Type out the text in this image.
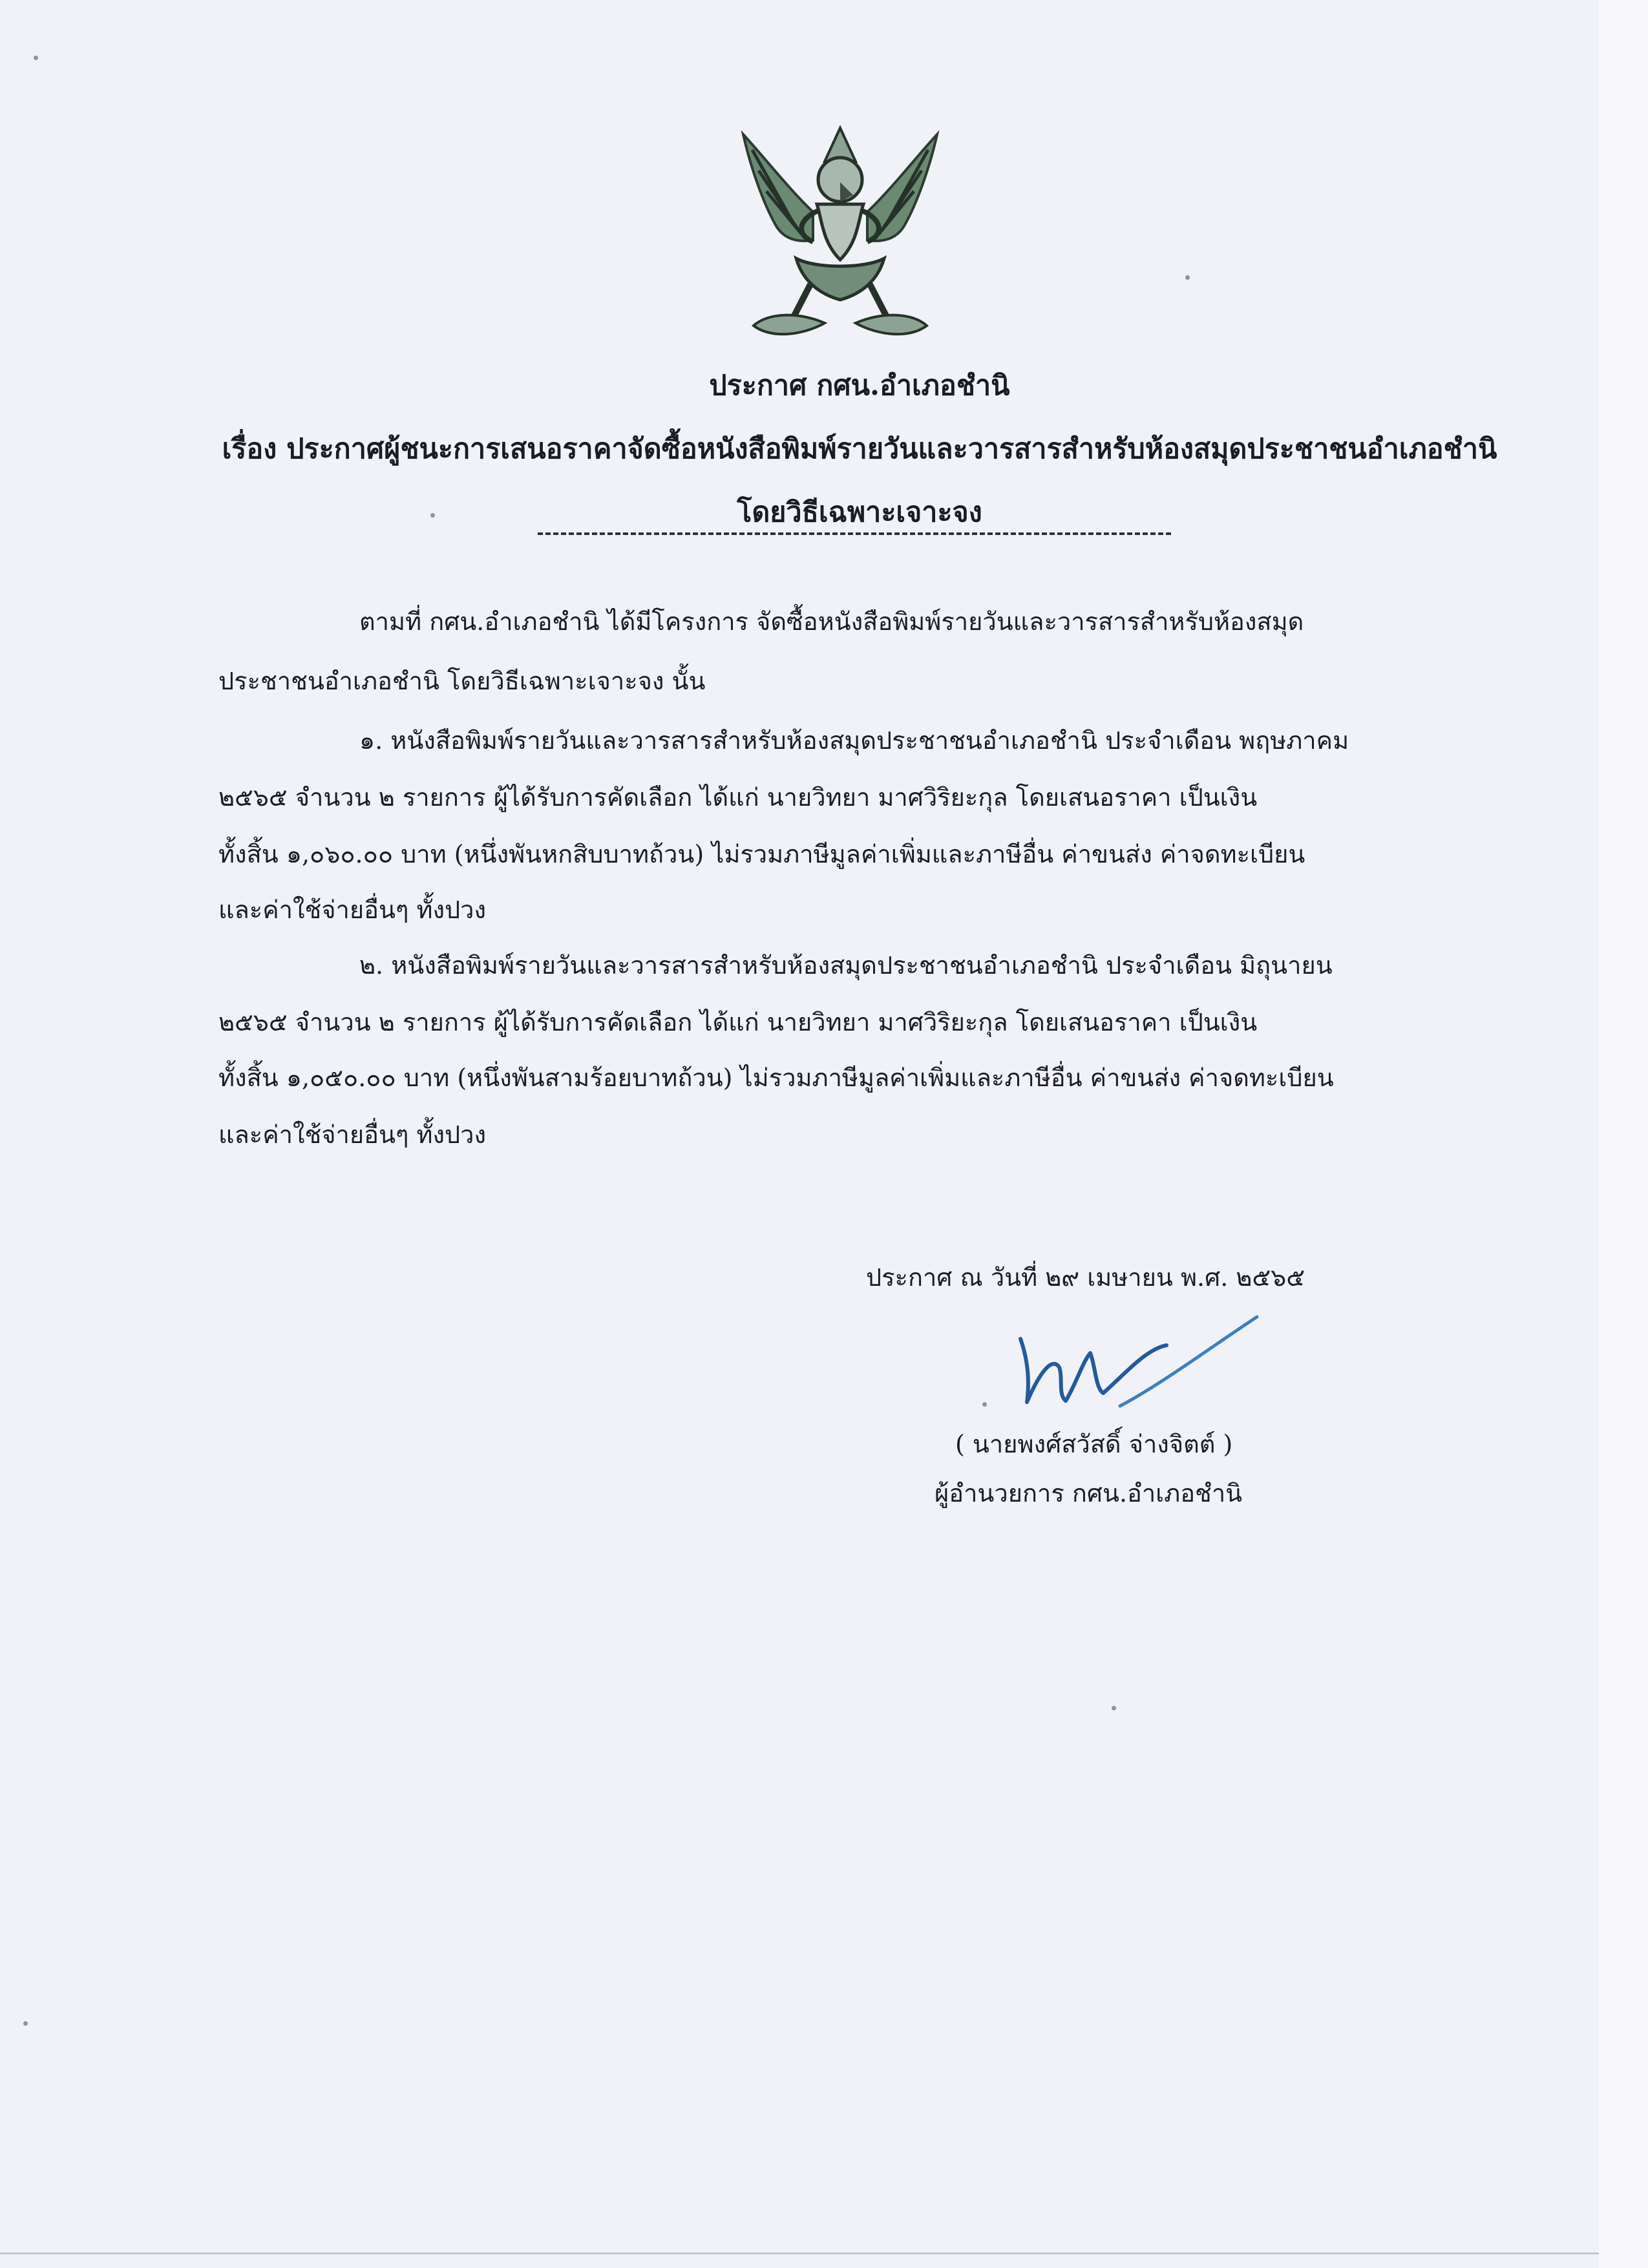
ประกาศ กศน.อำเภอชำนิ
เรื่อง ประกาศผู้ชนะการเสนอราคาจัดซื้อหนังสือพิมพ์รายวันและวารสารสำหรับห้องสมุดประชาชนอำเภอชำนิ
โดยวิธีเฉพาะเจาะจง
ตามที่ กศน.อำเภอชำนิ ได้มีโครงการ จัดซื้อหนังสือพิมพ์รายวันและวารสารสำหรับห้องสมุด
ประชาชนอำเภอชำนิ โดยวิธีเฉพาะเจาะจง นั้น
๑. หนังสือพิมพ์รายวันและวารสารสำหรับห้องสมุดประชาชนอำเภอชำนิ ประจำเดือน พฤษภาคม
๒๕๖๕ จำนวน ๒ รายการ ผู้ได้รับการคัดเลือก ได้แก่ นายวิทยา มาศวิริยะกุล โดยเสนอราคา เป็นเงิน
ทั้งสิ้น ๑,๐๖๐.๐๐ บาท (หนึ่งพันหกสิบบาทถ้วน) ไม่รวมภาษีมูลค่าเพิ่มและภาษีอื่น ค่าขนส่ง ค่าจดทะเบียน
และค่าใช้จ่ายอื่นๆ ทั้งปวง
๒. หนังสือพิมพ์รายวันและวารสารสำหรับห้องสมุดประชาชนอำเภอชำนิ ประจำเดือน มิถุนายน
๒๕๖๕ จำนวน ๒ รายการ ผู้ได้รับการคัดเลือก ได้แก่ นายวิทยา มาศวิริยะกุล โดยเสนอราคา เป็นเงิน
ทั้งสิ้น ๑,๐๕๐.๐๐ บาท (หนึ่งพันสามร้อยบาทถ้วน) ไม่รวมภาษีมูลค่าเพิ่มและภาษีอื่น ค่าขนส่ง ค่าจดทะเบียน
และค่าใช้จ่ายอื่นๆ ทั้งปวง
ประกาศ ณ วันที่ ๒๙ เมษายน พ.ศ. ๒๕๖๕
( นายพงศ์สวัสดิ์ จ่างจิตต์ )
ผู้อำนวยการ กศน.อำเภอชำนิ
